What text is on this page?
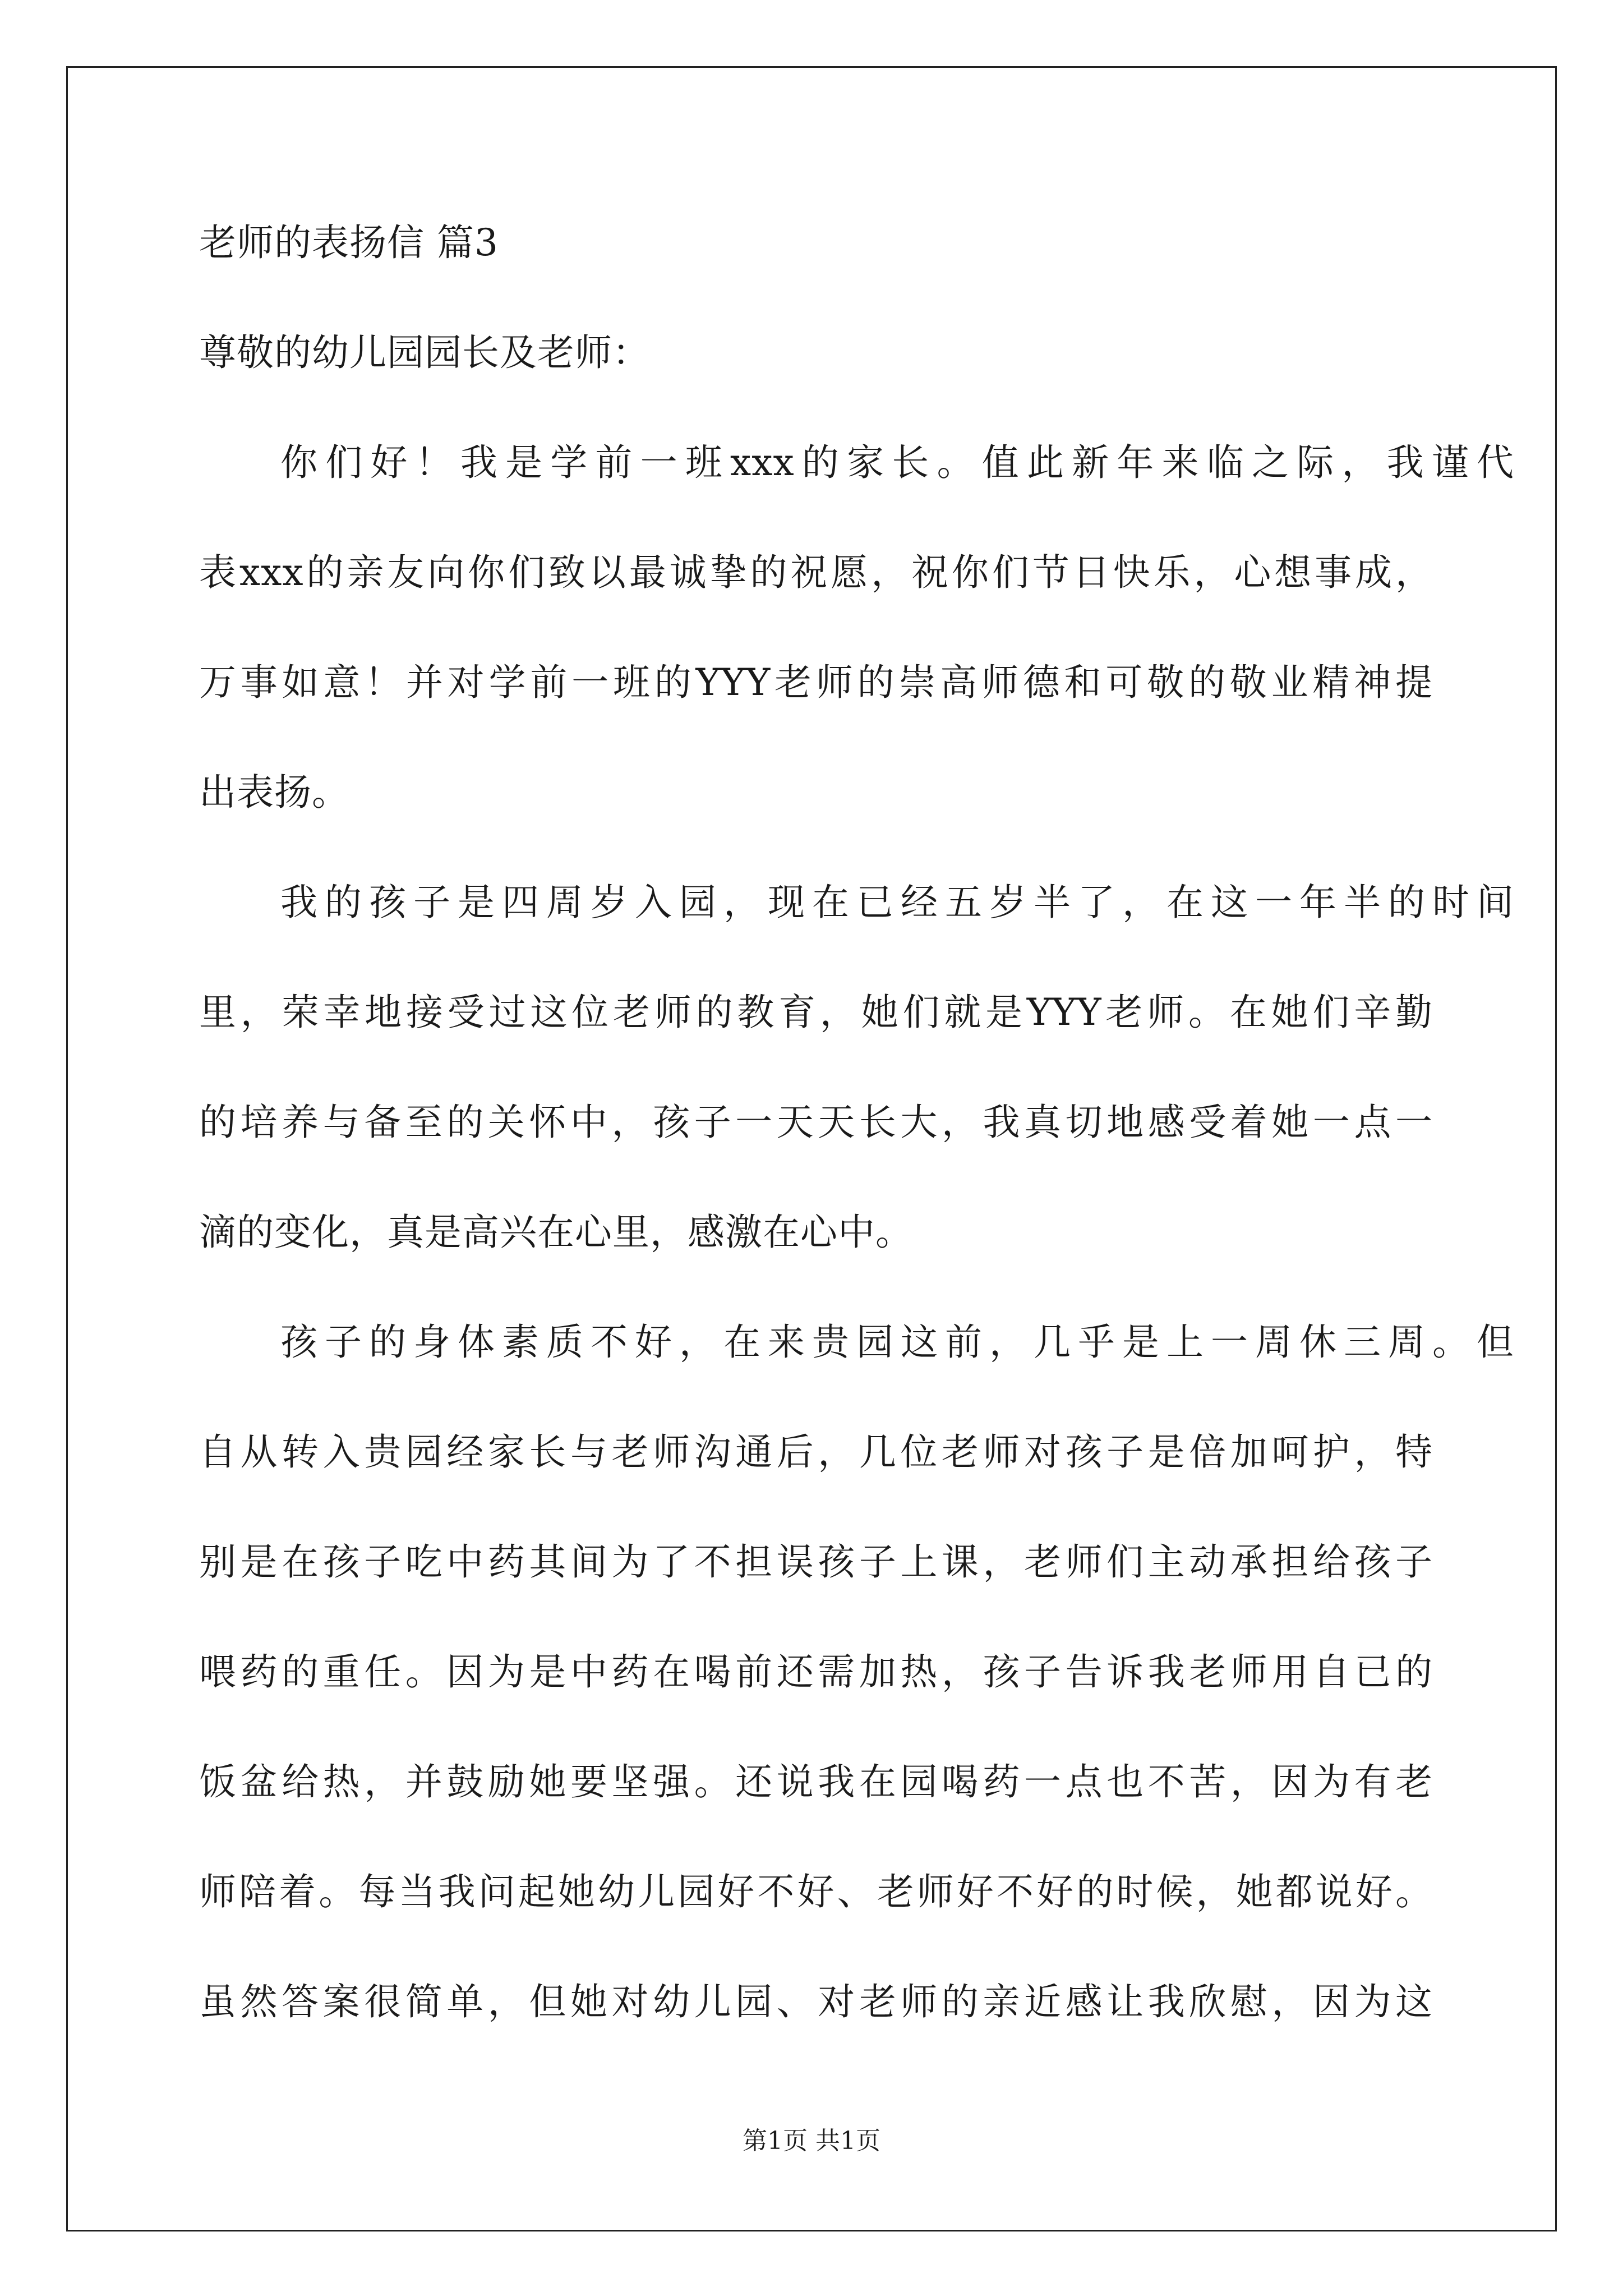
老师的表扬信 篇3

尊敬的幼儿园园长及老师：

你们好！我是学前一班xxx的家长。值此新年来临之际，我谨代

表xxx的亲友向你们致以最诚挚的祝愿，祝你们节日快乐，心想事成，

万事如意！并对学前一班的YYY老师的崇高师德和可敬的敬业精神提

出表扬。

我的孩子是四周岁入园，现在已经五岁半了，在这一年半的时间

里，荣幸地接受过这位老师的教育，她们就是YYY老师。在她们辛勤

的培养与备至的关怀中，孩子一天天长大，我真切地感受着她一点一

滴的变化，真是高兴在心里，感激在心中。

孩子的身体素质不好，在来贵园这前，几乎是上一周休三周。但

自从转入贵园经家长与老师沟通后，几位老师对孩子是倍加呵护，特

别是在孩子吃中药其间为了不担误孩子上课，老师们主动承担给孩子

喂药的重任。因为是中药在喝前还需加热，孩子告诉我老师用自已的

饭盆给热，并鼓励她要坚强。还说我在园喝药一点也不苦，因为有老

师陪着。每当我问起她幼儿园好不好、老师好不好的时候，她都说好。

虽然答案很简单，但她对幼儿园、对老师的亲近感让我欣慰，因为这

第1页 共1页
